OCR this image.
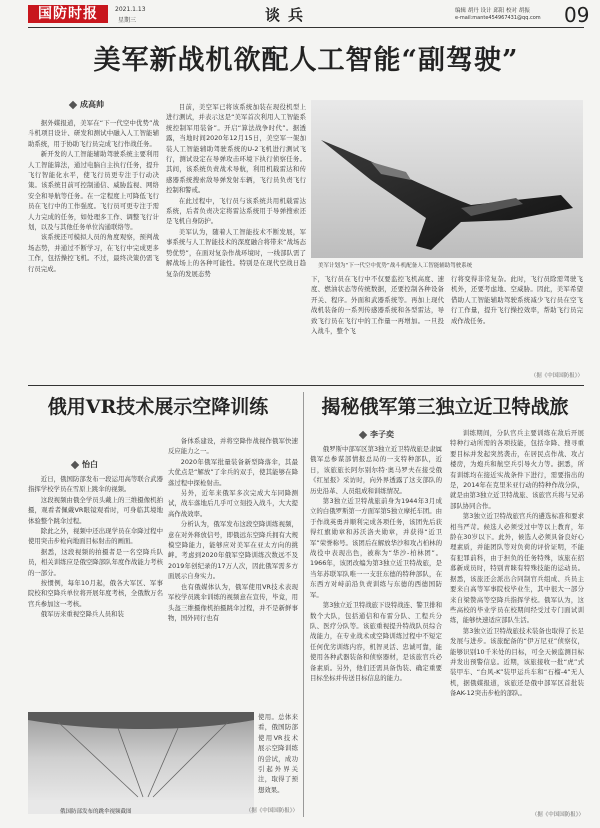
国防时报	2021.1.13
星期三	谈兵	编辑 胡丹 设计 邱阳 校对 胡振
e-mail:mante454967431@qq.com 09
美军新战机欲配人工智能“副驾驶”
成高帅

据外媒报道，美军在“下一代空中优势”战斗机项目设计、研发和测试中融入人工智能辅助系统，用于协助飞行员完成飞行作战任务。

新开发的人工智能辅助驾驶系统主要利用人工智能算法，通过电脑自主执行任务，提升飞行智能化水平，使飞行员更专注于行动决策。该系统目前可控制通信、威胁监视、网络安全和导航等任务。在一定程度上可降低飞行员在飞行中的工作强度。飞行员可更专注于需人力完成的任务，如处理多工作、调整飞行计划，以及与其他任务单位沟通联络等。

该系统还可模拟人员的角度观察，预判战场态势，并通过不断学习，在飞行中完成更多工作，包括操控飞机。不过，最终决策仍需飞行员完成。

目前，美空军已将该系统加装在现役机型上进行测试，并表示这是“美军首次利用人工智能系统控制军用装备”。开启“算法战争时代”。据透露，当地时间2020年12月15日，美空军一架加装人工智能辅助驾驶系统的U-2飞机进行测试飞行，测试设定在导弹攻击环境下执行侦察任务。其间，该系统负责战术导航，利用机载雷达和传感器系统搜索敌导弹发射车辆，飞行员负责飞行控制和警戒。

在此过程中，飞行员与该系统共用机载雷达系统，后者负责决定将雷达系统用于导弹搜索还是飞机自身防护。

美军认为，随着人工智能技术不断发展，军事系统与人工智能技术的深度融合将带来“战场态势优势”，在面对复杂作战环境时，一线部队需了解战场上的各种可能性。特别是在现代空战日趋复杂的发展态势

美军计划为“下一代空中优势”战斗机配备人工智能辅助驾驶系统

下，飞行员在飞行中不仅要监控飞机高度、速度、燃油状态等传统数据，还要控制各种设备开关、程序。外面和武器系统等。再加上现代战机装备的一系列传感器系统和各型雷达，导致飞行员在飞行中的工作量一再增加。一旦投入战斗，整个飞

行将变得非常复杂。此时，飞行员除需驾驶飞机外，还要考虑地、空威胁。因此，美军希望借助人工智能辅助驾驶系统减少飞行员在空飞行工作量，提升飞行操控效率，帮助飞行员完成作战任务。

（据《中国国防报》）
俄用VR技术展示空降训练
怡白

近日，俄国防部发布一段运用高等联合武器指挥学校学员在雪原上跳伞的视频。

这段视频由俄全学员头戴上的三维摄像机拍摄，观看者佩戴VR眼镜观看时，可身临其境地体验整个跳伞过程。

除此之外，视频中还出现学员在伞降过程中使用突击步枪向地面目标射击的画面。

据悉，这段视频的拍摄者是一名空降兵队员，相关训练应是俄空降部队年度作战能力考核的一部分。

按惯例，每年10月起，俄各大军区、军事院校和空降兵单位将开展年度考核，全俄数万名官兵参加这一考核。

俄军历来重视空降兵人员和装

备体系建设，并将空降作战视作俄军快速反应能力之一。

2020年俄军批量装备新型降落伞，其最大优点是“解放”了伞兵的双手，使其能够在降落过程中探枪射击。

另外，近年来俄军多次完成大车同降测试，战车落地后几乎可立刻投入战斗，大大提高作战效率。

分析认为，俄军发布这段空降训练视频，意在对外释放信号，即俄远东空降兵拥有大规模空降能力，能够应对美军在亚太方向的挑衅。考虑到2020年俄军空降训练次数远不及2019年创纪录的17万人次，因此俄军需多方面展示自身实力。

也有俄媒体认为，俄军使用VR技术表现军校学员跳伞训练的视频意在宣传，毕竟，用头盔三维摄像机拍摄跳伞过程，并不是新鲜事物，国外同行也有

俄国防部发布的跳伞视频截图

使用。总体来看，俄国防部使用VR技术展示空降训练的尝试，成功引起外界关注，取得了预想效果。

（据《中国国防报》）
揭秘俄军第三独立近卫特战旅
李子奕

俄罗斯中部军区第3独立近卫特战旅是隶属俄军总参谋部情报总局的一支特种部队，近日，该旅旅长阿尔别尔特·奥马罗夫在接受俄《红星报》采访时，向外界透露了这支部队的历史沿革、人员组成和训练情况。

第3独立近卫特战旅前身为1944年3月成立的白俄罗斯第一方面军第5独立摩托车团。由于作战英勇并顺利完成各项任务，该团先后获得红旗勋章和苏沃洛夫勋章，并获得“近卫军”荣誉称号。该团后在解放华沙和攻占柏林的战役中表现出色，被称为“华沙-柏林团”。1966年，该团改编为第3独立近卫特战旅，是当年苏联军队唯一一支驻东德的特种部队，在东西方对峙前沿负责训练与东德的西德国防军。

第3独立近卫特战旅下设特战连、警卫排和数个大队，包括通信和布雷分队、工程兵分队、医疗分队等。该旅重视提升特战队员综合战能力，在专业战术或空降训练过程中不短定任何优劣训练内容，机智灵活、忠诚可靠，能使用各种武器装备和侦察器材，是该旅官兵必备素质。另外，他们还需具备伪装、确定重要目标坐标并传送目标信息的能力。

训练期间，分队官兵主要训练在敌后开展特种行动所需的各项技能，包括伞降、搜寻重要目标并发起突然袭击，在居民点作战、攻占楼房，为炮兵和航空兵引导火力等。据悉，所有训练均在接近实战条件下进行，需要指出的是，2014年在克里米亚行动的特种作战分队，就是由第3独立近卫特战旅、该旅官兵将与兄弟部队协同合作。

第3独立近卫特战旅官兵的遴选标准和要求相当严苛。候选人必须受过中等以上教育，年龄在30岁以下。此外，候选人必须具备良好心理素质，并能团队等对负荷的评价证明，不能有犯罪前科，由于担负的任务特殊，该旅在招募新成员时，特别青睐有特殊技能的运动员。据悉，该旅还会派出合同制官兵组成、兵员主要来自高等军事院校毕业生，其中很大一部分来自梁赞高等空降兵指挥学校。俄军认为，这些高校的毕业学员在校期间经受过专门面试训练，能够快速适应部队生活。

第3独立近卫特战旅技术装备也取得了长足发展与进步。该旅配备的“伊万尼亚”侦察仪，能够识别10千米处的目标，可全天候监测目标并发出预警信息。近期，该旅接收一批“虎”式装甲车、“台风-K”装甲运兵车和“石榴-4”无人机，据俄媒报道，该旅还是俄中部军区首批装备AK-12突击步枪的部队。

（据《中国国防报》）
